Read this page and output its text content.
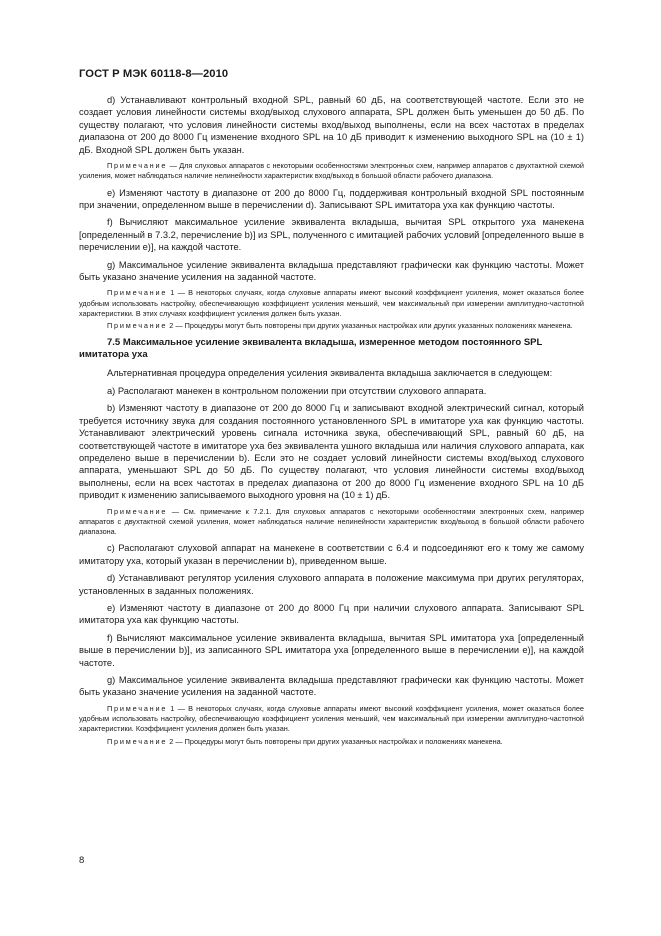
ГОСТ Р МЭК 60118-8—2010
d) Устанавливают контрольный входной SPL, равный 60 дБ, на соответствующей частоте. Если это не создает условия линейности системы вход/выход слухового аппарата, SPL должен быть уменьшен до 50 дБ. По существу полагают, что условия линейности системы вход/выход выполнены, если на всех частотах в пределах диапазона от 200 до 8000 Гц изменение входного SPL на 10 дБ приводит к изменению выходного SPL на (10 ± 1) дБ. Входной SPL должен быть указан.
Примечание — Для слуховых аппаратов с некоторыми особенностями электронных схем, например аппаратов с двухтактной схемой усиления, может наблюдаться наличие нелинейности характеристик вход/выход в большой области рабочего диапазона.
e) Изменяют частоту в диапазоне от 200 до 8000 Гц, поддерживая контрольный входной SPL постоянным при значении, определенном выше в перечислении d). Записывают SPL имитатора уха как функцию частоты.
f) Вычисляют максимальное усиление эквивалента вкладыша, вычитая SPL открытого уха манекена [определенный в 7.3.2, перечисление b)] из SPL, полученного с имитацией рабочих условий [определенного выше в перечислении e)], на каждой частоте.
g) Максимальное усиление эквивалента вкладыша представляют графически как функцию частоты. Может быть указано значение усиления на заданной частоте.
Примечание 1 — В некоторых случаях, когда слуховые аппараты имеют высокий коэффициент усиления, может оказаться более удобным использовать настройку, обеспечивающую коэффициент усиления меньший, чем максимальный при измерении амплитудно-частотной характеристики. В этих случаях коэффициент усиления должен быть указан.
Примечание 2 — Процедуры могут быть повторены при других указанных настройках или других указанных положениях манекена.
7.5 Максимальное усиление эквивалента вкладыша, измеренное методом постоянного SPL имитатора уха
Альтернативная процедура определения усиления эквивалента вкладыша заключается в следующем:
a) Располагают манекен в контрольном положении при отсутствии слухового аппарата.
b) Изменяют частоту в диапазоне от 200 до 8000 Гц и записывают входной электрический сигнал, который требуется источнику звука для создания постоянного установленного SPL в имитаторе уха как функцию частоты. Устанавливают электрический уровень сигнала источника звука, обеспечивающий SPL, равный 60 дБ, на соответствующей частоте в имитаторе уха без эквивалента ушного вкладыша или наличия слухового аппарата, как определено выше в перечислении b). Если это не создает условий линейности системы вход/выход слухового аппарата, уменьшают SPL до 50 дБ. По существу полагают, что условия линейности системы вход/выход выполнены, если на всех частотах в пределах диапазона от 200 до 8000 Гц изменение входного SPL на 10 дБ приводит к изменению записываемого выходного уровня на (10 ± 1) дБ.
Примечание — См. примечание к 7.2.1. Для слуховых аппаратов с некоторыми особенностями электронных схем, например аппаратов с двухтактной схемой усиления, может наблюдаться наличие нелинейности характеристик вход/выход в большой области рабочего диапазона.
c) Располагают слуховой аппарат на манекене в соответствии с 6.4 и подсоединяют его к тому же самому имитатору уха, который указан в перечислении b), приведенном выше.
d) Устанавливают регулятор усиления слухового аппарата в положение максимума при других регуляторах, установленных в заданных положениях.
e) Изменяют частоту в диапазоне от 200 до 8000 Гц при наличии слухового аппарата. Записывают SPL имитатора уха как функцию частоты.
f) Вычисляют максимальное усиление эквивалента вкладыша, вычитая SPL имитатора уха [определенный выше в перечислении b)], из записанного SPL имитатора уха [определенного выше в перечислении e)], на каждой частоте.
g) Максимальное усиление эквивалента вкладыша представляют графически как функцию частоты. Может быть указано значение усиления на заданной частоте.
Примечание 1 — В некоторых случаях, когда слуховые аппараты имеют высокий коэффициент усиления, может оказаться более удобным использовать настройку, обеспечивающую коэффициент усиления меньший, чем максимальный при измерении амплитудно-частотной характеристики. Коэффициент усиления должен быть указан.
Примечание 2 — Процедуры могут быть повторены при других указанных настройках и положениях манекена.
8
